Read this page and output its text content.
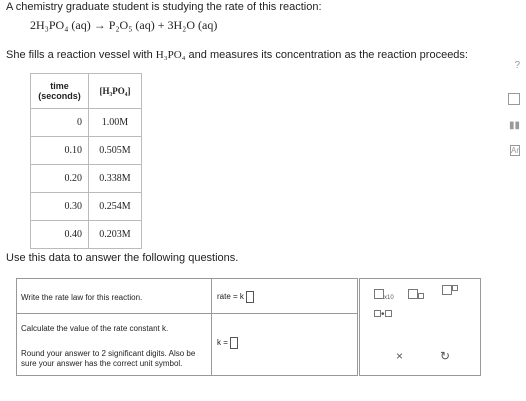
A chemistry graduate student is studying the rate of this reaction:
2H₃PO₄ (aq) → P₂O₅ (aq) + 3H₂O (aq)
She fills a reaction vessel with H₃PO₄ and measures its concentration as the reaction proceeds:
time
(seconds)	[H₃PO₄]
0	1.00M
0.10	0.505M
0.20	0.338M
0.30	0.254M
0.40	0.203M
Use this data to answer the following questions.
Write the rate law for this reaction.	rate = k
Calculate the value of the rate constant k.
Round your answer to 2 significant digits. Also be
sure your answer has the correct unit symbol.
k =
x10
•
×	↻
?
▮▮
Ar
